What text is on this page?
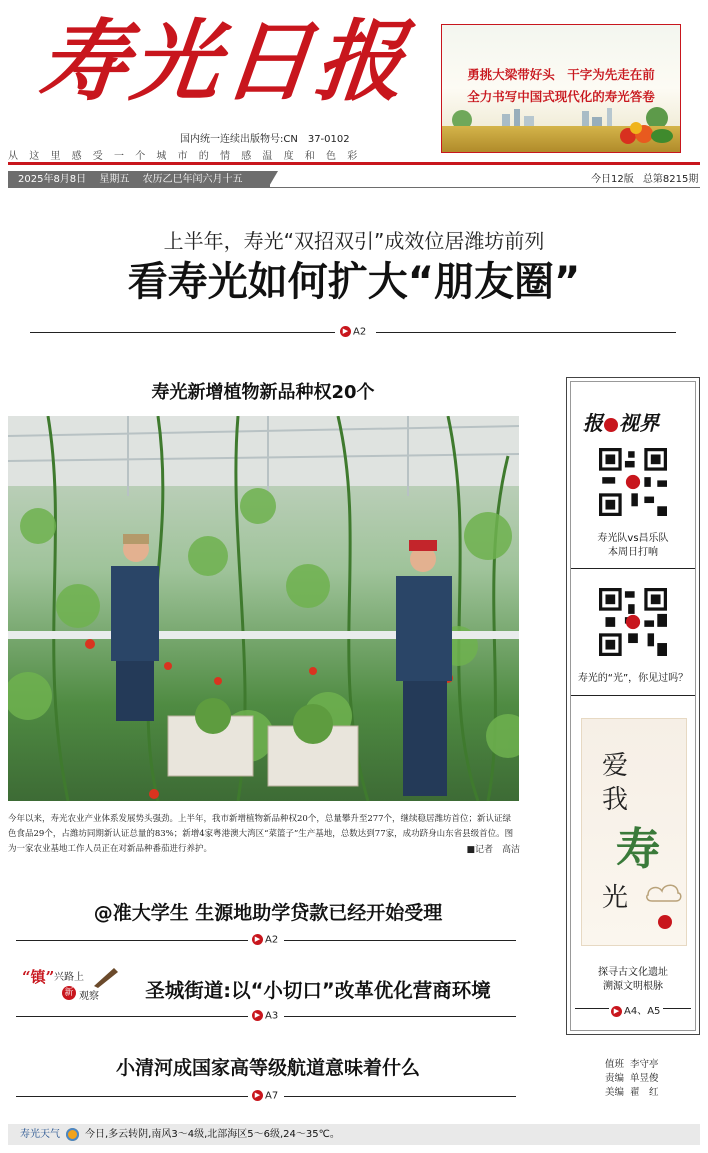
寿光日报
国内统一连续出版物号:CN　37-0102
从这里感受一个城市的情感温度和色彩
勇挑大梁带好头　干字为先走在前
全力书写中国式现代化的寿光答卷
2025年8月8日 星期五 农历乙巳年闰六月十五	今日12版 总第8215期
上半年，寿光“双招双引”成效位居潍坊前列
看寿光如何扩大“朋友圈”
▶ A2
寿光新增植物新品种权20个
今年以来，寿光农业产业体系发展势头强劲。上半年，我市新增植物新品种权20个，总量攀升至277个，继续稳居潍坊首位；新认证绿色食品29个，占潍坊同期新认证总量的83%；新增4家粤港澳大湾区“菜篮子”生产基地，总数达到77家，成功跻身山东省县级首位。图为一家农业基地工作人员正在对新品种番茄进行养护。	■记者　高洁
@准大学生 生源地助学贷款已经开始受理
▶ A2
“镇” 兴路上
新 观察	圣城街道:以“小切口”改革优化营商环境
▶ A3
小清河成国家高等级航道意味着什么
▶ A7
报 视界
寿光队vs昌乐队
本周日打响
寿光的“光”，你见过吗？
爱
我
寿
光
探寻古文化遗址
溯源文明根脉
▶ A4、A5
值班 李守亭
责编 单昱俊
美编 翟　红
寿光天气	今日,多云转阴,南风3～4级,北部海区5～6级,24～35℃。
